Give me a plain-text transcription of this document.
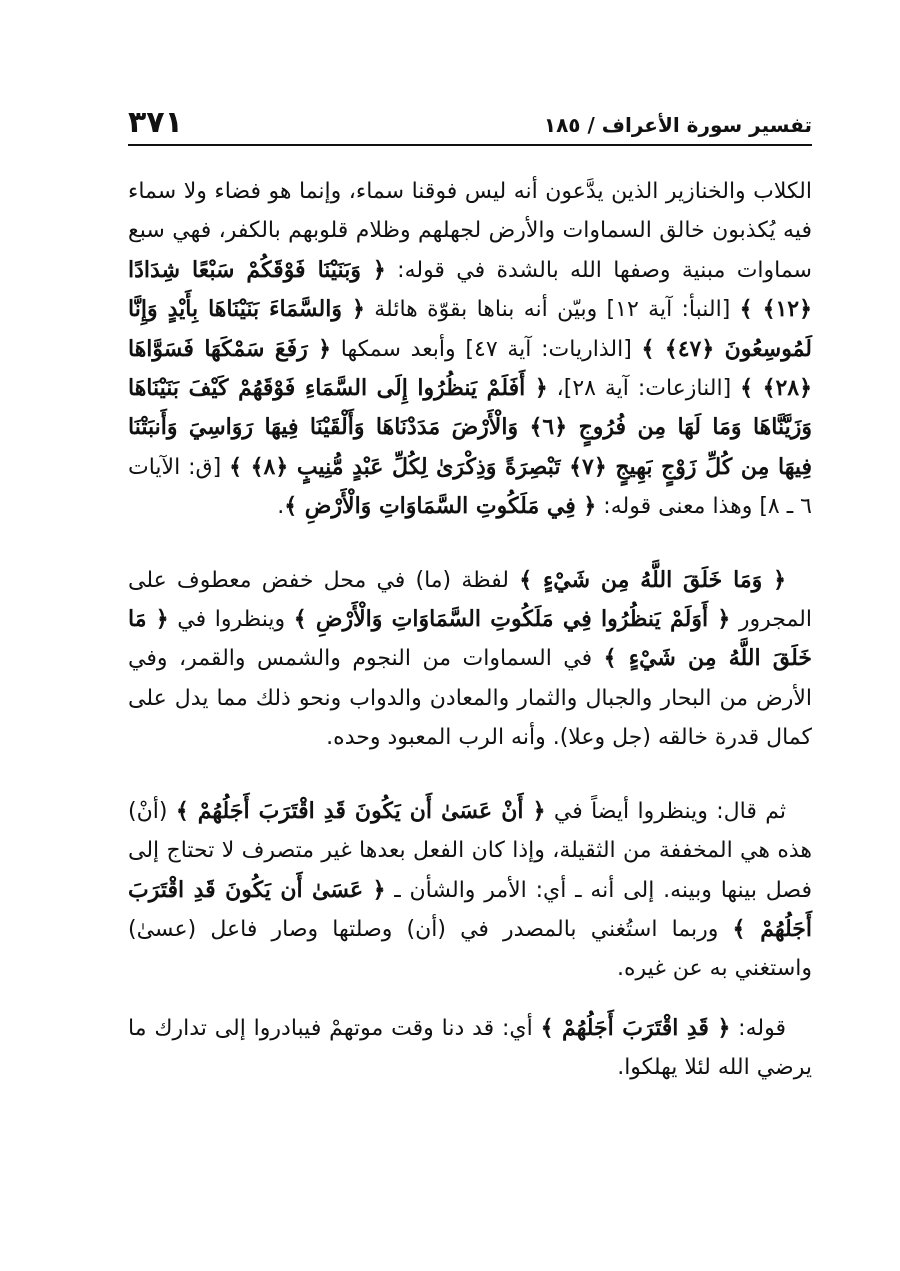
تفسير سورة الأعراف / ١٨٥
٣٧١

الكلاب والخنازير الذين يدَّعون أنه ليس فوقنا سماء، وإنما هو فضاء ولا سماء فيه يُكذبون خالق السماوات والأرض لجهلهم وظلام قلوبهم بالكفر، فهي سبع سماوات مبنية وصفها الله بالشدة في قوله: ﴿ وَبَنَيْنَا فَوْقَكُمْ سَبْعًا شِدَادًا ﴿١٢﴾ ﴾ [النبأ: آية ١٢] وبيّن أنه بناها بقوّة هائلة ﴿ وَالسَّمَاءَ بَنَيْنَاهَا بِأَيْدٍ وَإِنَّا لَمُوسِعُونَ ﴿٤٧﴾ ﴾ [الذاريات: آية ٤٧] وأبعد سمكها ﴿ رَفَعَ سَمْكَهَا فَسَوَّاهَا ﴿٢٨﴾ ﴾ [النازعات: آية ٢٨]، ﴿ أَفَلَمْ يَنظُرُوا إِلَى السَّمَاءِ فَوْقَهُمْ كَيْفَ بَنَيْنَاهَا وَزَيَّنَّاهَا وَمَا لَهَا مِن فُرُوجٍ ﴿٦﴾ وَالْأَرْضَ مَدَدْنَاهَا وَأَلْقَيْنَا فِيهَا رَوَاسِيَ وَأَنبَتْنَا فِيهَا مِن كُلِّ زَوْجٍ بَهِيجٍ ﴿٧﴾ تَبْصِرَةً وَذِكْرَىٰ لِكُلِّ عَبْدٍ مُّنِيبٍ ﴿٨﴾ ﴾ [ق: الآيات ٦ ـ ٨] وهذا معنى قوله: ﴿ فِي مَلَكُوتِ السَّمَاوَاتِ وَالْأَرْضِ ﴾.

﴿ وَمَا خَلَقَ اللَّهُ مِن شَيْءٍ ﴾ لفظة (ما) في محل خفض معطوف على المجرور ﴿ أَوَلَمْ يَنظُرُوا فِي مَلَكُوتِ السَّمَاوَاتِ وَالْأَرْضِ ﴾ وينظروا في ﴿ مَا خَلَقَ اللَّهُ مِن شَيْءٍ ﴾ في السماوات من النجوم والشمس والقمر، وفي الأرض من البحار والجبال والثمار والمعادن والدواب ونحو ذلك مما يدل على كمال قدرة خالقه (جل وعلا). وأنه الرب المعبود وحده.

ثم قال: وينظروا أيضاً في ﴿ أَنْ عَسَىٰ أَن يَكُونَ قَدِ اقْتَرَبَ أَجَلُهُمْ ﴾ (أنْ) هذه هي المخففة من الثقيلة، وإذا كان الفعل بعدها غير متصرف لا تحتاج إلى فصل بينها وبينه. إلى أنه ـ أي: الأمر والشأن ـ ﴿ عَسَىٰ أَن يَكُونَ قَدِ اقْتَرَبَ أَجَلُهُمْ ﴾ وربما استُغني بالمصدر في (أن) وصلتها وصار فاعل (عسىٰ) واستغني به عن غيره.

قوله: ﴿ قَدِ اقْتَرَبَ أَجَلُهُمْ ﴾ أي: قد دنا وقت موتهمْ فيبادروا إلى تدارك ما يرضي الله لئلا يهلكوا.
